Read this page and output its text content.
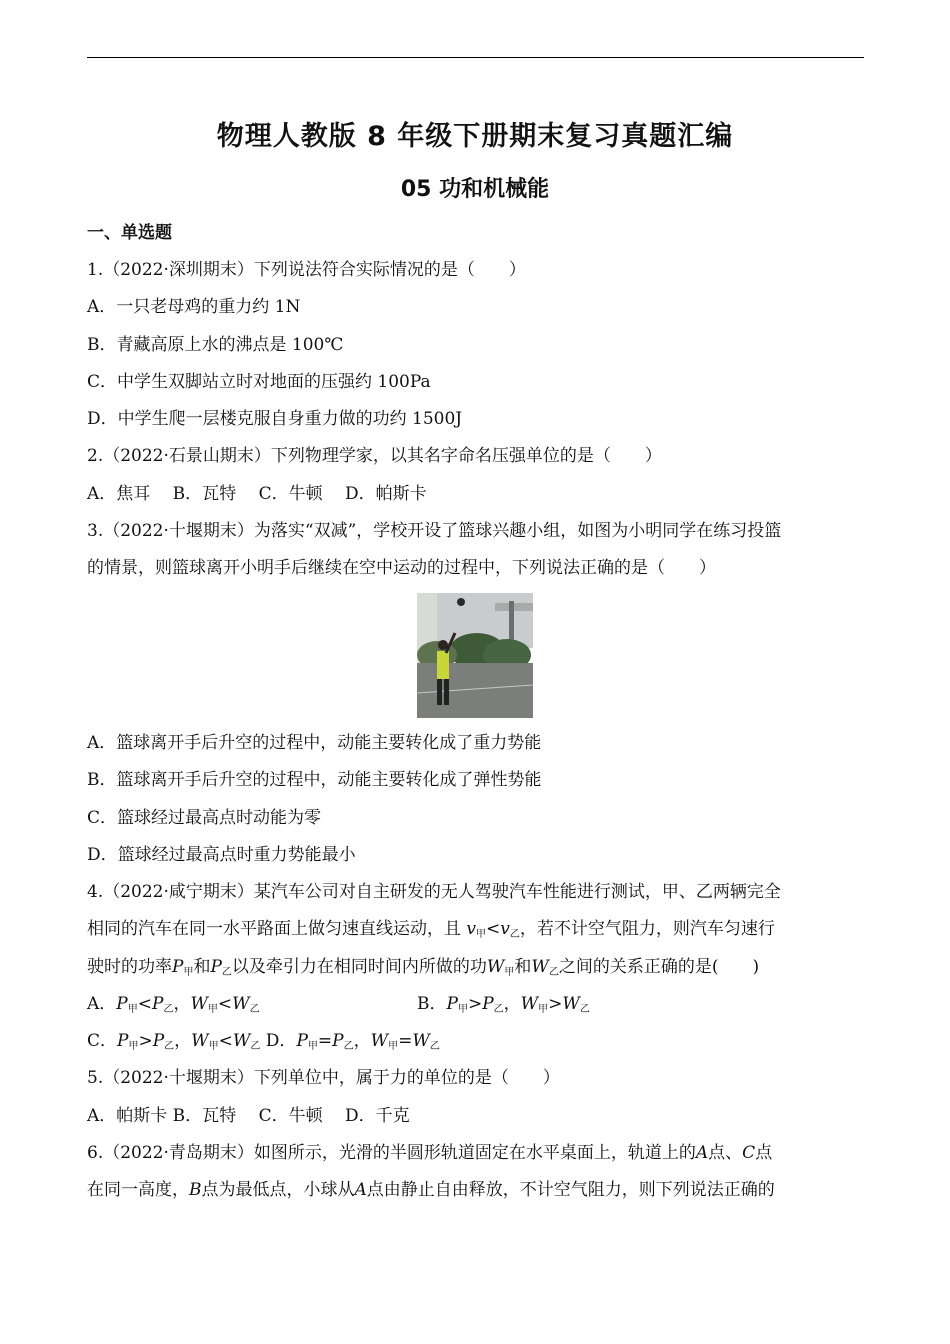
物理人教版 8 年级下册期末复习真题汇编
05 功和机械能
一、单选题
1.（2022·深圳期末）下列说法符合实际情况的是（　　）
A．一只老母鸡的重力约 1N
B．青藏高原上水的沸点是 100℃
C．中学生双脚站立时对地面的压强约 100Pa
D．中学生爬一层楼克服自身重力做的功约 1500J
2.（2022·石景山期末）下列物理学家，以其名字命名压强单位的是（　　）
A．焦耳　 B．瓦特　 C．牛顿　 D．帕斯卡
3.（2022·十堰期末）为落实“双减”，学校开设了篮球兴趣小组，如图为小明同学在练习投篮
的情景，则篮球离开小明手后继续在空中运动的过程中，下列说法正确的是（　　）
A．篮球离开手后升空的过程中，动能主要转化成了重力势能
B．篮球离开手后升空的过程中，动能主要转化成了弹性势能
C．篮球经过最高点时动能为零
D．篮球经过最高点时重力势能最小
4.（2022·咸宁期末）某汽车公司对自主研发的无人驾驶汽车性能进行测试，甲、乙两辆完全
相同的汽车在同一水平路面上做匀速直线运动，且 $v_甲<v_乙$，若不计空气阻力，则汽车匀速行
驶时的功率$P_甲$和$P_乙$以及牵引力在相同时间内所做的功$W_甲$和$W_乙$之间的关系正确的是(　　)
A．$P_甲<P_乙$，$W_甲<W_乙$	B．$P_甲>P_乙$，$W_甲>W_乙$
C．$P_甲>P_乙$，$W_甲<W_乙$ D．$P_甲=P_乙$，$W_甲=W_乙$
5.（2022·十堰期末）下列单位中，属于力的单位的是（　　）
A．帕斯卡 B．瓦特　 C．牛顿　 D．千克
6.（2022·青岛期末）如图所示，光滑的半圆形轨道固定在水平桌面上，轨道上的A点、C点
在同一高度，B点为最低点，小球从A点由静止自由释放，不计空气阻力，则下列说法正确的
